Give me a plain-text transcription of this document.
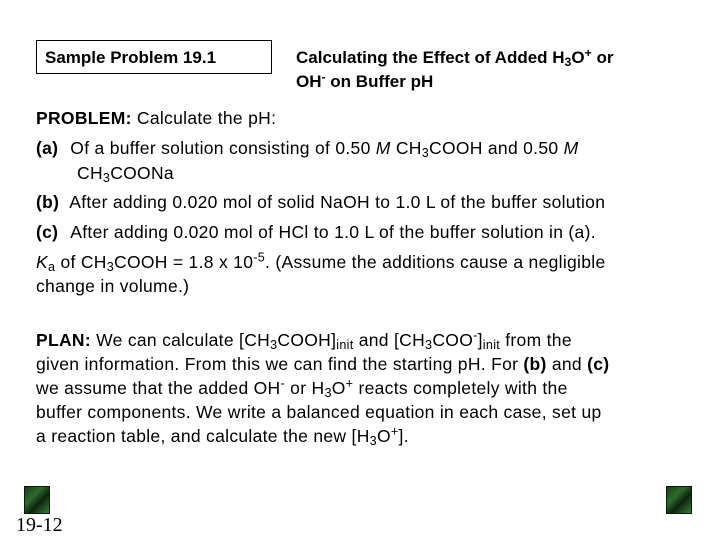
Sample Problem 19.1	Calculating the Effect of Added $H_3O^+$ or
OH- on Buffer pH
PROBLEM: Calculate the pH:
(a) Of a buffer solution consisting of 0.50 M $CH_3COOH$ and 0.50 M
$CH_3COONa$
(b) After adding 0.020 mol of solid NaOH to 1.0 L of the buffer solution
(c) After adding 0.020 mol of HCl to 1.0 L of the buffer solution in (a).
$K_a$ of $CH_3COOH = 1.8$ x $10^{-5}$. (Assume the additions cause a negligible
change in volume.)
PLAN: We can calculate $[CH_3COOH]_{init}$ and $[CH_3COO^-]_{init}$ from the
given information. From this we can find the starting pH. For (b) and (c)
we assume that the added OH- or $H_3O^+$ reacts completely with the
buffer components. We write a balanced equation in each case, set up
a reaction table, and calculate the new $[H_3O^+]$.
19-12
